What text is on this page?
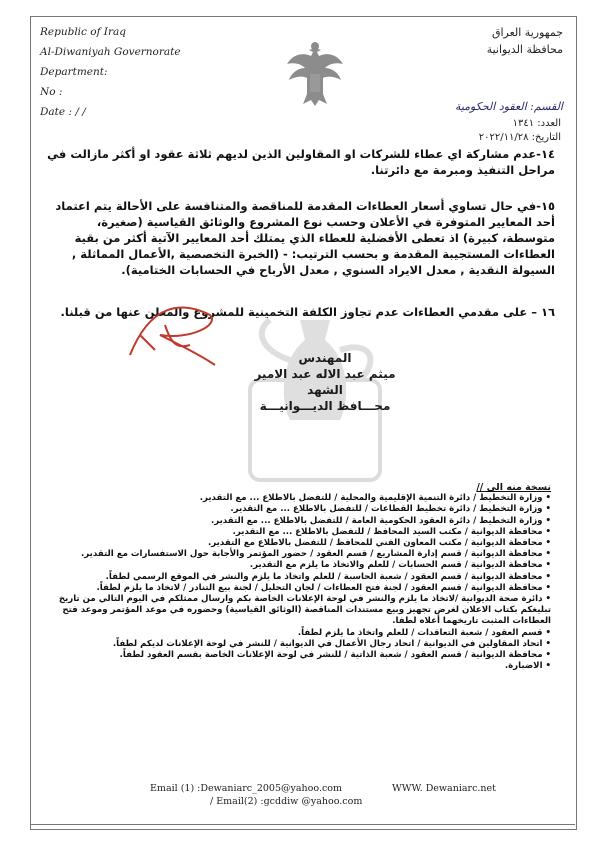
Republic of Iraq
Al-Diwaniyah Governorate
Department:
No :
Date : / /
جمهورية العراق
محافظة الديوانية
القسم: العقود الحكومية
العدد: ١٣٤١
التاريخ: ٢٠٢٢/١١/٢٨
١٤-عدم مشاركة اي عطاء للشركات او المقاولين الذين لديهم ثلاثة عقود او أكثر مازالت في مراحل التنفيذ ومبرمة مع دائرتنا.
١٥-في حال تساوي أسعار العطاءات المقدمة للمناقصة والمتنافسة على الأحالة يتم اعتماد أحد المعايير المتوفرة في الأعلان وحسب نوع المشروع والوثائق القياسية (صغيرة، متوسطة، كبيرة) اذ تعطى الأفضلية للعطاء الذي يمتلك أحد المعايير الآتية أكثر من بقية العطاءات المستجيبة المقدمة و بحسب الترتيب: - (الخبرة التخصصية ,الأعمال المماثلة , السيولة النقدية , معدل الايراد السنوي , معدل الأرباح في الحسابات الختامية).
١٦ – على مقدمي العطاءات عدم تجاوز الكلفة التخمينية للمشروع والمعلن عنها من قبلنا.
المهندس
ميثم عبد الاله عبد الامير الشهد
محـــافظ الديـــوانيـــة
نسخة منه الى //
• وزارة التخطيط / دائرة التنمية الإقليمية والمحلية / للتفضل بالاطلاع ... مع التقدير.
• وزارة التخطيط / دائرة تخطيط القطاعات / للتفضل بالاطلاع ... مع التقدير.
• وزارة التخطيط / دائرة العقود الحكومية العامة / للتفضل بالاطلاع ... مع التقدير.
• محافظة الديوانية / مكتب السيد المحافظ / للتفضل بالاطلاع ... مع التقدير.
• محافظة الديوانية / مكتب المعاون الفني للمحافظ / للتفضل بالاطلاع مع التقدير.
• محافظة الديوانية / قسم إدارة المشاريع / قسم العقود / حضور المؤتمر والأجابة حول الاستفسارات مع التقدير.
• محافظة الديوانية / قسم الحسابات / للعلم والاتخاذ ما يلزم مع التقدير.
• محافظة الديوانية / قسم العقود / شعبة الحاسبة / للعلم واتخاذ ما يلزم والنشر في الموقع الرسمي لطفاً.
• محافظة الديوانية / قسم العقود / لجنة فتح العطاءات / لجان التحليل / لجنة بيع التنادر / لاتخاذ ما يلزم لطفاً.
• دائرة صحة الديوانية /لاتخاذ ما يلزم والنشر في لوحة الإعلانات الخاصة بكم وارسال ممثلكم في اليوم التالي من تاريخ تبليغكم بكتاب الاعلان لغرض تجهيز وبيع مستندات المناقصة (الوثائق القياسية) وحضوره في موعد المؤتمر وموعد فتح العطاءات المثبت تاريخهما أعلاه لطفا.
• قسم العقود / شعبة التعاقدات / للعلم واتخاذ ما يلزم لطفاً.
• اتحاد المقاولين في الديوانية / اتحاد رجال الأعمال في الديوانية / للنشر في لوحة الإعلانات لديكم لطفاً.
• محافظة الديوانية / قسم العقود / شعبة الذاتية / للنشر في لوحة الإعلانات الخاصة بقسم العقود لطفاً.
• الاضبارة.
Email (1) :Dewaniarc_2005@yahoo.com	WWW. Dewaniarc.net
/ Email(2) :gcddiw @yahoo.com
